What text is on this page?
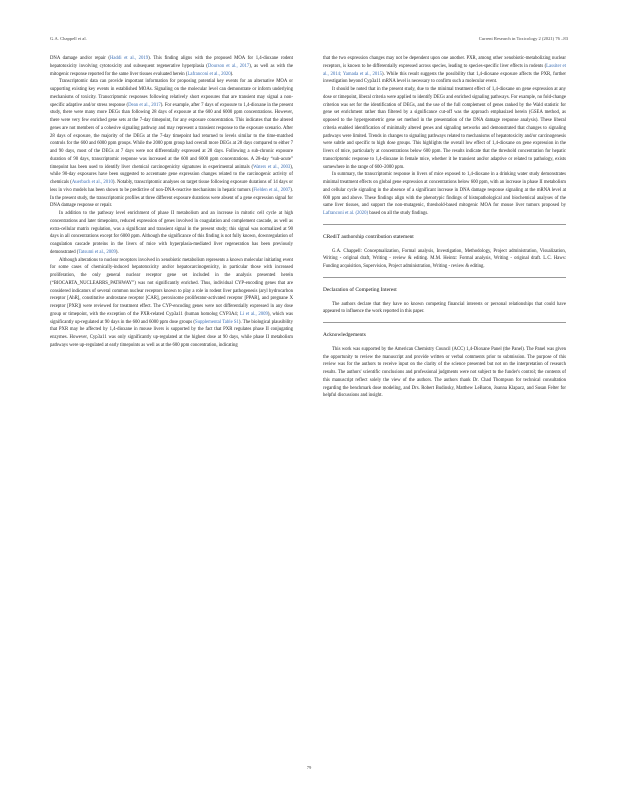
G.A. Chappell et al.	Current Research in Toxicology 2 (2021) 76 –83

DNA damage and/or repair (Haddi et al., 2019). This finding aligns with the proposed MOA for 1,4-dioxane rodent hepatotoxicity involving cytotoxicity and subsequent regenerative hyperplasia (Dourson et al., 2017), as well as with the mitogenic response reported for the same liver tissues evaluated herein (Lafranconi et al., 2020).

Transcriptomic data can provide important information for proposing potential key events for an alternative MOA or supporting existing key events in established MOAs. Signaling on the molecular level can demonstrate or inform underlying mechanisms of toxicity. Transcriptomic responses following relatively short exposures that are transient may signal a non-specific adaptive and/or stress response (Dean et al., 2017). For example, after 7 days of exposure to 1,4-dioxane in the present study, there were many more DEGs than following 28 days of exposure at the 600 and 6000 ppm concentrations. However, there were very few enriched gene sets at the 7-day timepoint, for any exposure concentration. This indicates that the altered genes are not members of a cohesive signaling pathway and may represent a transient response to the exposure scenario. After 28 days of exposure, the majority of the DEGs at the 7-day timepoint had returned to levels similar to the time-matched controls for the 600 and 6000 ppm groups. While the 2000 ppm group had overall more DEGs at 28 days compared to either 7 and 90 days, most of the DEGs at 7 days were not differentially expressed at 28 days. Following a sub-chronic exposure duration of 90 days, transcriptomic response was increased at the 600 and 6000 ppm concentrations. A 28-day “sub-acute” timepoint has been used to identify liver chemical carcinogenicity signatures in experimental animals (Waters et al., 2003), while 90-day exposures have been suggested to accentuate gene expression changes related to the carcinogenic activity of chemicals (Auerbach et al., 2010). Notably, transcriptomic analyses on target tissue following exposure durations of 14 days or less in vivo models has been shown to be predictive of non-DNA-reactive mechanisms in hepatic tumors (Fielden et al., 2007). In the present study, the transcriptomic profiles at three different exposure durations were absent of a gene expression signal for DNA damage response or repair.

In addition to the pathway level enrichment of phase II metabolism and an increase in mitotic cell cycle at high concentrations and later timepoints, reduced expression of genes involved in coagulation and complement cascade, as well as extra-cellular matrix regulation, was a significant and transient signal in the present study; this signal was normalized at 90 days in all concentrations except for 6000 ppm. Although the significance of this finding is not fully known, downregulation of coagulation cascade proteins in the livers of mice with hyperplasia-mediated liver regeneration has been previously demonstrated (Tatsumi et al., 2009).

Although alterations to nuclear receptors involved in xenobiotic metabolism represents a known molecular initiating event for some cases of chemically-induced hepatotoxicity and/or hepatocarcinogenicity, in particular those with increased proliferation, the only general nuclear receptor gene set included in the analysis presented herein (“BIOCARTA_NUCLEARRS_PATHWAY”) was not significantly enriched. Thus, individual CYP-encoding genes that are considered indicators of several common nuclear receptors known to play a role in rodent liver pathogenesis (aryl hydrocarbon receptor [AhR], constitutive androstane receptor [CAR], peroxisome proliferator-activated receptor [PPAR], and pregnane X receptor [PXR]) were reviewed for treatment effect. The CYP-encoding genes were not differentially expressed in any dose group or timepoint, with the exception of the PXR-related Cyp3a11 (human homolog CYP3A4; Li et al., 2009), which was significantly up-regulated at 90 days in the 600 and 6000 ppm dose groups (Supplemental Table S1). The biological plausibility that PXR may be affected by 1,4-dioxane in mouse livers is supported by the fact that PXR regulates phase II conjugating enzymes. However, Cyp3a11 was only significantly up-regulated at the highest dose at 90 days, while phase II metabolism pathways were up-regulated at early timepoints as well as at the 600 ppm concentration, indicating

that the two expression changes may not be dependent upon one another. PXR, among other xenobiotic-metabolizing nuclear receptors, is known to be differentially expressed across species, leading to species-specific liver effects in rodents (Lassiter et al., 2014; Yamada et al., 2015). While this result suggests the possibility that 1,4-dioxane exposure affects the PXR, further investigation beyond Cyp3a11 mRNA level is necessary to confirm such a molecular event.

It should be noted that in the present study, due to the minimal treatment effect of 1,4-dioxane on gene expression at any dose or timepoint, liberal criteria were applied to identify DEGs and enriched signaling pathways. For example, no fold-change criterion was set for the identification of DEGs, and the use of the full complement of genes ranked by the Wald statistic for gene set enrichment rather than filtered by a significance cut-off was the approach emphasized herein (GSEA method, as opposed to the hypergeometric gene set method in the presentation of the DNA damage response analysis). These liberal criteria enabled identification of minimally altered genes and signaling networks and demonstrated that changes to signaling pathways were limited. Trends in changes to signaling pathways related to mechanisms of hepatotoxicity and/or carcinogenesis were subtle and specific to high dose groups. This highlights the overall low effect of 1,4-dioxane on gene expression in the livers of mice, particularly at concentrations below 600 ppm. The results indicate that the threshold concentration for hepatic transcriptomic response to 1,4-dioxane in female mice, whether it be transient and/or adaptive or related to pathology, exists somewhere in the range of 600–2000 ppm.

In summary, the transcriptomic response in livers of mice exposed to 1,4-dioxane in a drinking water study demonstrates minimal treatment effects on global gene expression at concentrations below 600 ppm, with an increase in phase II metabolism and cellular cycle signaling in the absence of a significant increase in DNA damage response signaling at the mRNA level at 600 ppm and above. These findings align with the phenotypic findings of histopathological and biochemical analyses of the same liver tissues, and support the non-mutagenic, threshold-based mitogenic MOA for mouse liver tumors proposed by Lafranconi et al. (2020) based on all the study findings.

CRediT authorship contribution statement

G.A. Chappell: Conceptualization, Formal analysis, Investigation, Methodology, Project administration, Visualization, Writing - original draft, Writing - review & editing. M.M. Heintz: Formal analysis, Writing - original draft. L.C. Haws: Funding acquisition, Supervision, Project administration, Writing - review & editing.

Declaration of Competing Interest

The authors declare that they have no known competing financial interests or personal relationships that could have appeared to influence the work reported in this paper.

Acknowledgements

This work was supported by the American Chemistry Council (ACC) 1,4-Dioxane Panel (the Panel). The Panel was given the opportunity to review the manuscript and provide written or verbal comments prior to submission. The purpose of this review was for the authors to receive input on the clarity of the science presented but not on the interpretation of research results. The authors' scientific conclusions and professional judgments were not subject to the funder's control; the contents of this manuscript reflect solely the view of the authors. The authors thank Dr. Chad Thompson for technical consultation regarding the benchmark dose modeling, and Drs. Robert Budinsky, Matthew LeBaron, Joanna Klapacz, and Susan Felter for helpful discussions and insight.

79
